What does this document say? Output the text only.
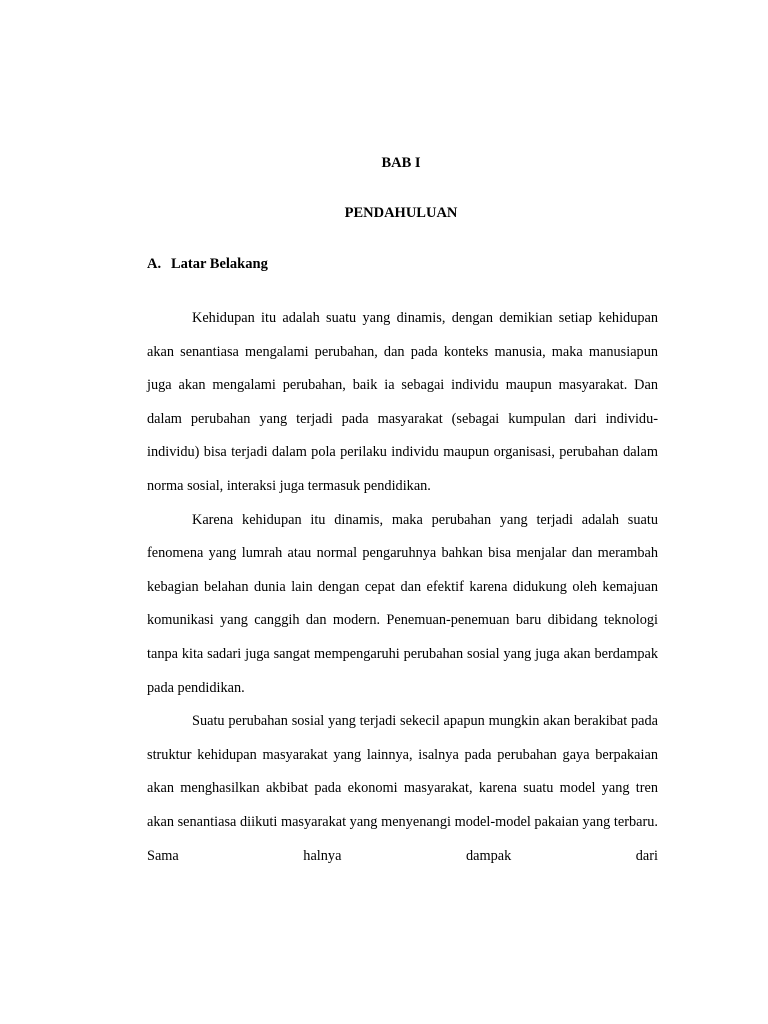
BAB I
PENDAHULUAN
A. Latar Belakang

Kehidupan itu adalah suatu yang dinamis, dengan demikian setiap kehidupan akan senantiasa mengalami perubahan, dan pada konteks manusia, maka manusiapun juga akan mengalami perubahan, baik ia sebagai individu maupun masyarakat. Dan dalam perubahan yang terjadi pada masyarakat (sebagai kumpulan dari individu-individu) bisa terjadi dalam pola perilaku individu maupun organisasi, perubahan dalam norma sosial, interaksi juga termasuk pendidikan.

Karena kehidupan itu dinamis, maka perubahan yang terjadi adalah suatu fenomena yang lumrah atau normal pengaruhnya bahkan bisa menjalar dan merambah kebagian belahan dunia lain dengan cepat dan efektif karena didukung oleh kemajuan komunikasi yang canggih dan modern. Penemuan-penemuan baru dibidang teknologi tanpa kita sadari juga sangat mempengaruhi perubahan sosial yang juga akan berdampak pada pendidikan.

Suatu perubahan sosial yang terjadi sekecil apapun mungkin akan berakibat pada struktur kehidupan masyarakat yang lainnya, isalnya pada perubahan gaya berpakaian akan menghasilkan akbibat pada ekonomi masyarakat, karena suatu model yang tren akan senantiasa diikuti masyarakat yang menyenangi model-model pakaian yang terbaru. Sama halnya dampak dari
